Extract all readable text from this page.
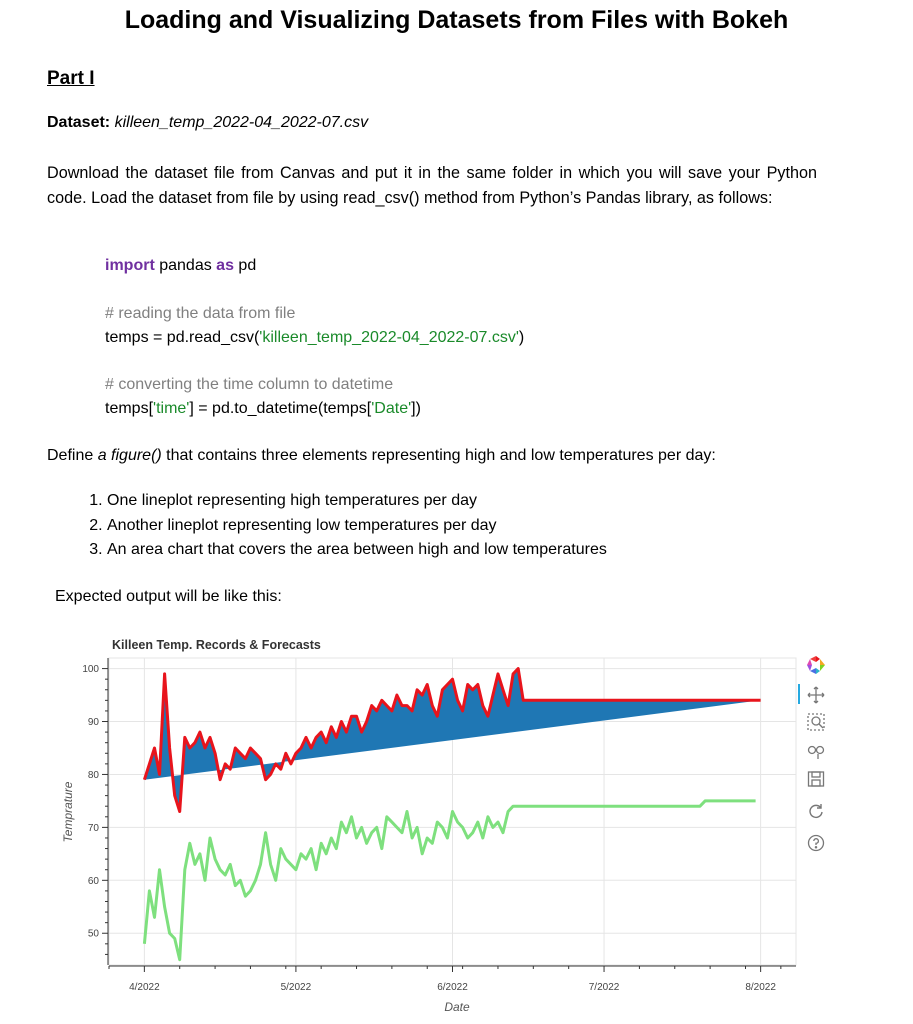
Loading and Visualizing Datasets from Files with Bokeh
Part I
Dataset: killeen_temp_2022-04_2022-07.csv
Download the dataset file from Canvas and put it in the same folder in which you will save your Python code. Load the dataset from file by using read_csv() method from Python’s Pandas library, as follows:
import pandas as pd
# reading the data from file
temps = pd.read_csv('killeen_temp_2022-04_2022-07.csv')
# converting the time column to datetime
temps['time'] = pd.to_datetime(temps['Date'])
Define a figure() that contains three elements representing high and low temperatures per day:
1. One lineplot representing high temperatures per day
2. Another lineplot representing low temperatures per day
3. An area chart that covers the area between high and low temperatures
Expected output will be like this:
Killeen Temp. Records & Forecasts
50
60
70
80
90
100
4/2022	5/2022	6/2022	7/2022	8/2022
Date
Temprature
